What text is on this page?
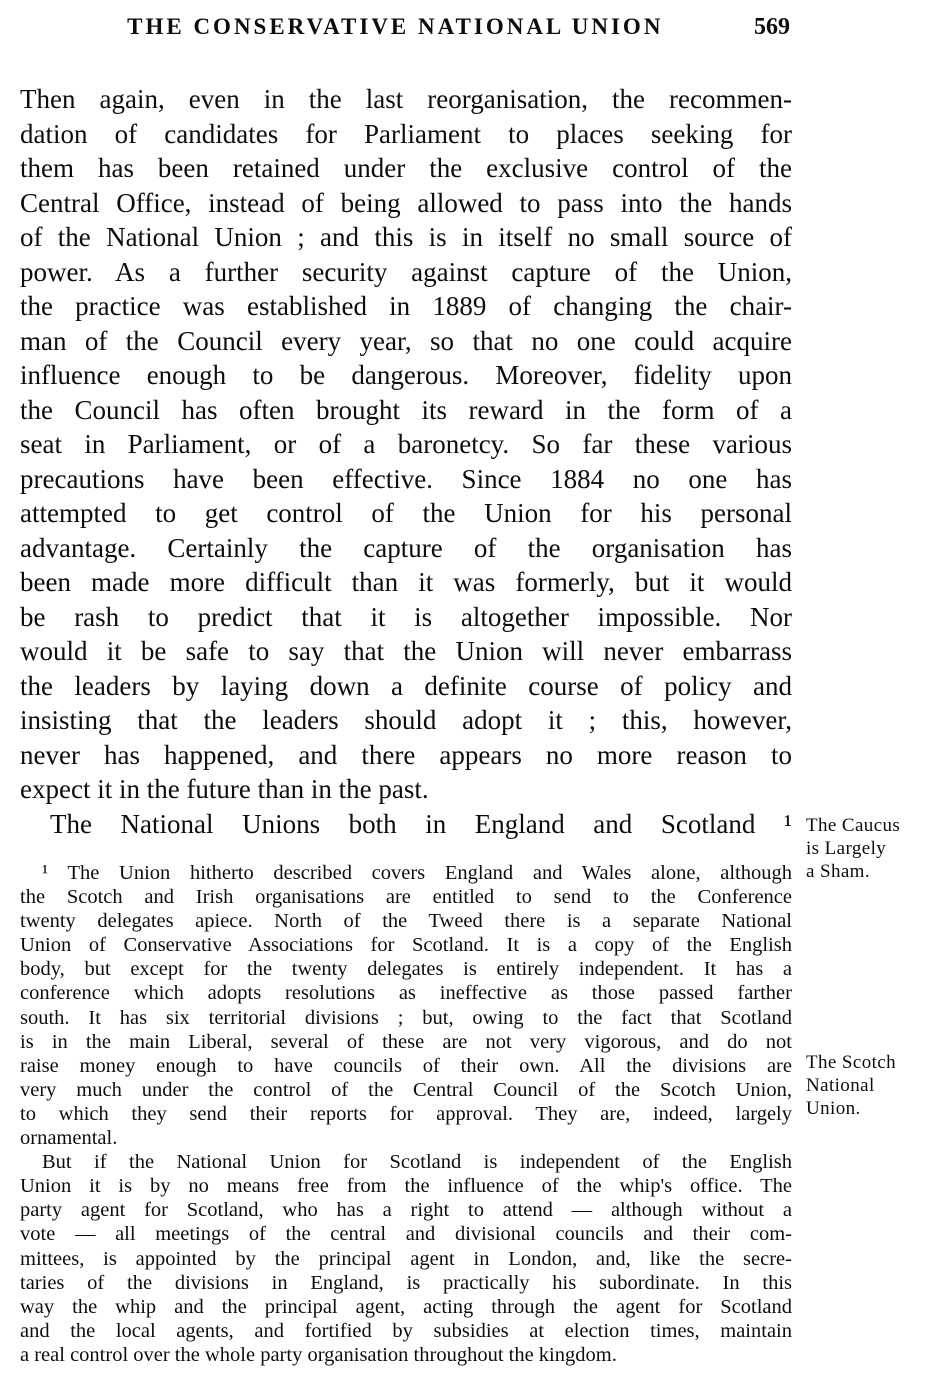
THE CONSERVATIVE NATIONAL UNION	569
Then again, even in the last reorganisation, the recommen-
dation of candidates for Parliament to places seeking for
them has been retained under the exclusive control of the
Central Office, instead of being allowed to pass into the hands
of the National Union ; and this is in itself no small source of
power. As a further security against capture of the Union,
the practice was established in 1889 of changing the chair-
man of the Council every year, so that no one could acquire
influence enough to be dangerous. Moreover, fidelity upon
the Council has often brought its reward in the form of a
seat in Parliament, or of a baronetcy. So far these various
precautions have been effective. Since 1884 no one has
attempted to get control of the Union for his personal
advantage. Certainly the capture of the organisation has
been made more difficult than it was formerly, but it would
be rash to predict that it is altogether impossible. Nor
would it be safe to say that the Union will never embarrass
the leaders by laying down a definite course of policy and
insisting that the leaders should adopt it ; this, however,
never has happened, and there appears no more reason to
expect it in the future than in the past.
The National Unions both in England and Scotland ¹ The Caucus
is Largely
a Sham.
The Scotch
National
Union.
¹ The Union hitherto described covers England and Wales alone, although
the Scotch and Irish organisations are entitled to send to the Conference
twenty delegates apiece. North of the Tweed there is a separate National
Union of Conservative Associations for Scotland. It is a copy of the English
body, but except for the twenty delegates is entirely independent. It has a
conference which adopts resolutions as ineffective as those passed farther
south. It has six territorial divisions ; but, owing to the fact that Scotland
is in the main Liberal, several of these are not very vigorous, and do not
raise money enough to have councils of their own. All the divisions are
very much under the control of the Central Council of the Scotch Union,
to which they send their reports for approval. They are, indeed, largely
ornamental.
But if the National Union for Scotland is independent of the English
Union it is by no means free from the influence of the whip's office. The
party agent for Scotland, who has a right to attend — although without a
vote — all meetings of the central and divisional councils and their com-
mittees, is appointed by the principal agent in London, and, like the secre-
taries of the divisions in England, is practically his subordinate. In this
way the whip and the principal agent, acting through the agent for Scotland
and the local agents, and fortified by subsidies at election times, maintain
a real control over the whole party organisation throughout the kingdom.
